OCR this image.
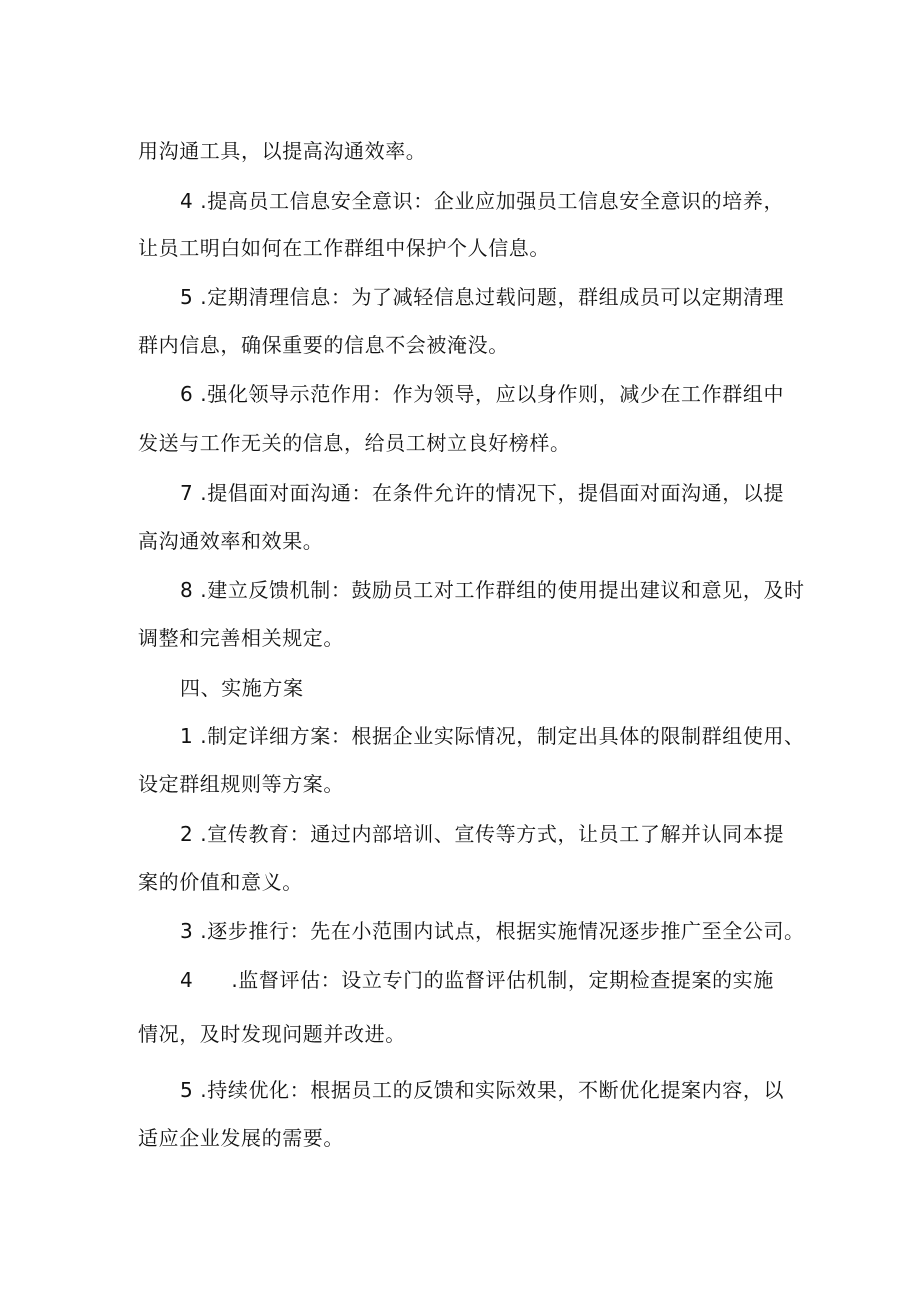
用沟通工具，以提高沟通效率。
4 .提高员工信息安全意识：企业应加强员工信息安全意识的培养，
让员工明白如何在工作群组中保护个人信息。
5 .定期清理信息：为了减轻信息过载问题，群组成员可以定期清理
群内信息，确保重要的信息不会被淹没。
6 .强化领导示范作用：作为领导，应以身作则，减少在工作群组中
发送与工作无关的信息，给员工树立良好榜样。
7 .提倡面对面沟通：在条件允许的情况下，提倡面对面沟通，以提
高沟通效率和效果。
8 .建立反馈机制：鼓励员工对工作群组的使用提出建议和意见，及时
调整和完善相关规定。
四、实施方案
1 .制定详细方案：根据企业实际情况，制定出具体的限制群组使用、
设定群组规则等方案。
2 .宣传教育：通过内部培训、宣传等方式，让员工了解并认同本提
案的价值和意义。
3 .逐步推行：先在小范围内试点，根据实施情况逐步推广至全公司。
4 .监督评估：设立专门的监督评估机制，定期检查提案的实施
情况，及时发现问题并改进。
5 .持续优化：根据员工的反馈和实际效果，不断优化提案内容，以
适应企业发展的需要。
